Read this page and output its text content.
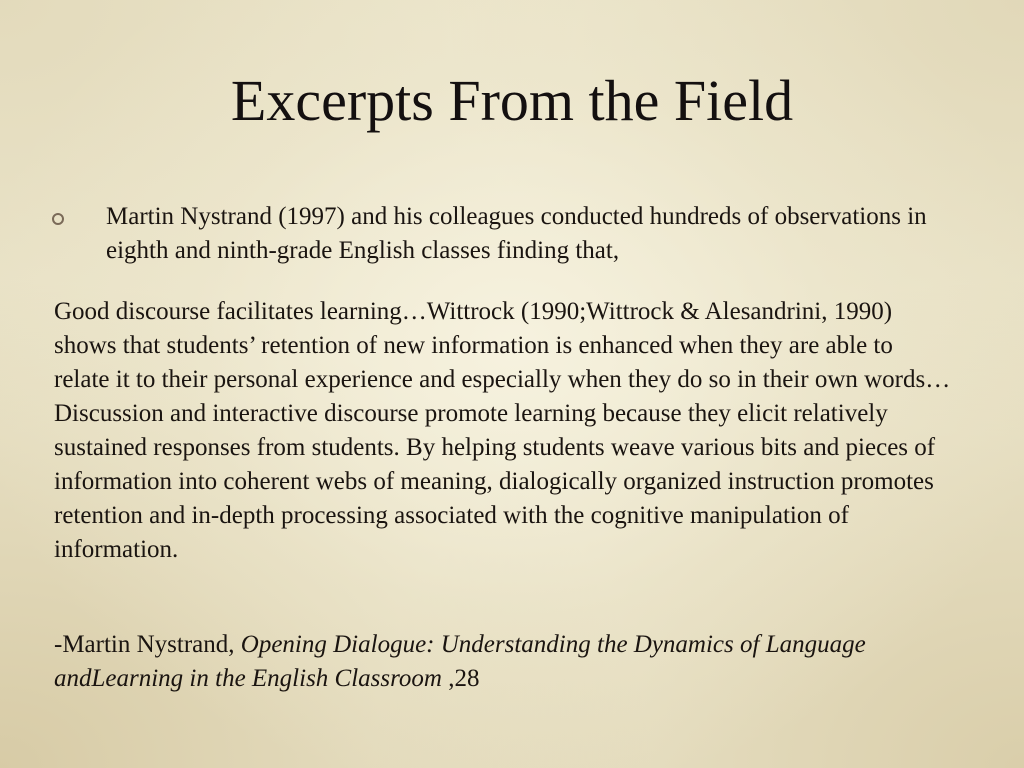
Excerpts From the Field
Martin Nystrand (1997) and his colleagues conducted hundreds of observations in eighth and ninth-grade English classes finding that,

Good discourse facilitates learning…Wittrock (1990;Wittrock & Alesandrini, 1990) shows that students’ retention of new information is enhanced when they are able to relate it to their personal experience and especially when they do so in their own words…Discussion and interactive discourse promote learning because they elicit relatively sustained responses from students. By helping students weave various bits and pieces of information into coherent webs of meaning, dialogically organized instruction promotes retention and in-depth processing associated with the cognitive manipulation of information.

-Martin Nystrand, Opening Dialogue: Understanding the Dynamics of Language andLearning in the English Classroom ,28
